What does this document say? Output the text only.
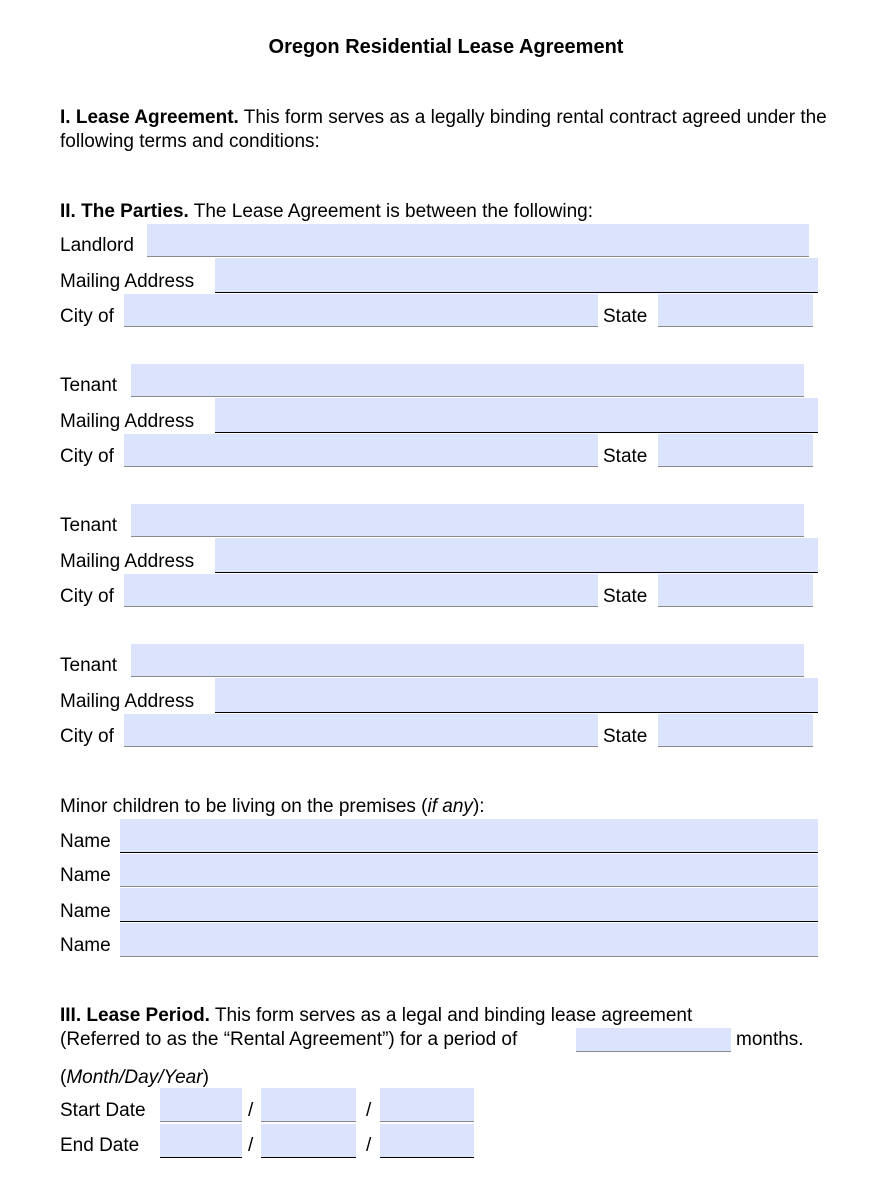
Oregon Residential Lease Agreement
I. Lease Agreement. This form serves as a legally binding rental contract agreed under the following terms and conditions:
II. The Parties. The Lease Agreement is between the following:
Landlord
Mailing Address
City of	State
Tenant
Mailing Address
City of	State
Tenant
Mailing Address
City of	State
Tenant
Mailing Address
City of	State
Minor children to be living on the premises (if any):
Name
Name
Name
Name
III. Lease Period. This form serves as a legal and binding lease agreement
(Referred to as the “Rental Agreement”) for a period of	months.
(Month/Day/Year)
Start Date	/	/
End Date	/	/
